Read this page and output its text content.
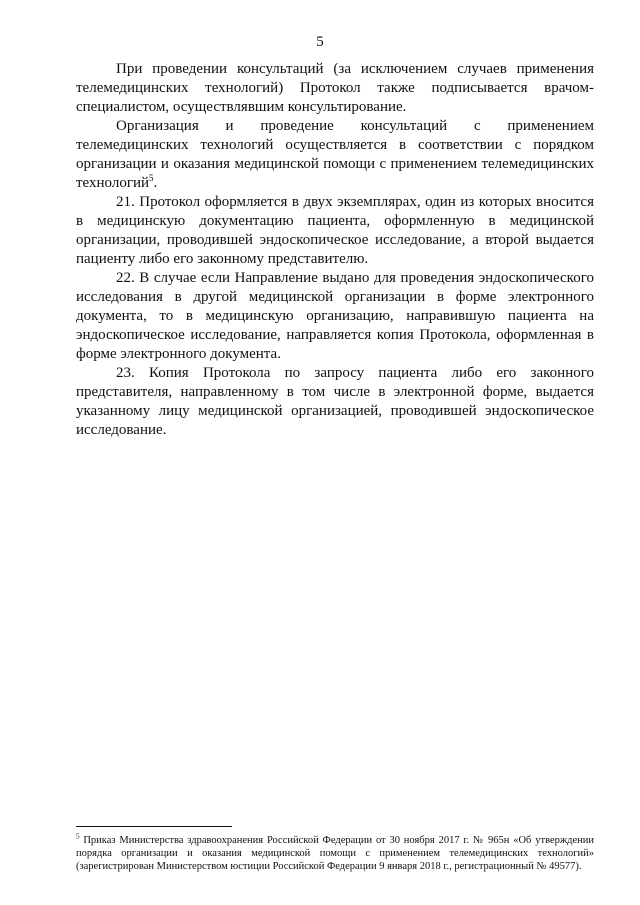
5

При проведении консультаций (за исключением случаев применения телемедицинских технологий) Протокол также подписывается врачом-специалистом, осуществлявшим консультирование.

Организация и проведение консультаций с применением телемедицинских технологий осуществляется в соответствии с порядком организации и оказания медицинской помощи с применением телемедицинских технологий$^5$.

21. Протокол оформляется в двух экземплярах, один из которых вносится в медицинскую документацию пациента, оформленную в медицинской организации, проводившей эндоскопическое исследование, а второй выдается пациенту либо его законному представителю.

22. В случае если Направление выдано для проведения эндоскопического исследования в другой медицинской организации в форме электронного документа, то в медицинскую организацию, направившую пациента на эндоскопическое исследование, направляется копия Протокола, оформленная в форме электронного документа.

23. Копия Протокола по запросу пациента либо его законного представителя, направленному в том числе в электронной форме, выдается указанному лицу медицинской организацией, проводившей эндоскопическое исследование.

$^5$ Приказ Министерства здравоохранения Российской Федерации от 30 ноября 2017 г. № 965н «Об утверждении порядка организации и оказания медицинской помощи с применением телемедицинских технологий» (зарегистрирован Министерством юстиции Российской Федерации 9 января 2018 г., регистрационный № 49577).
